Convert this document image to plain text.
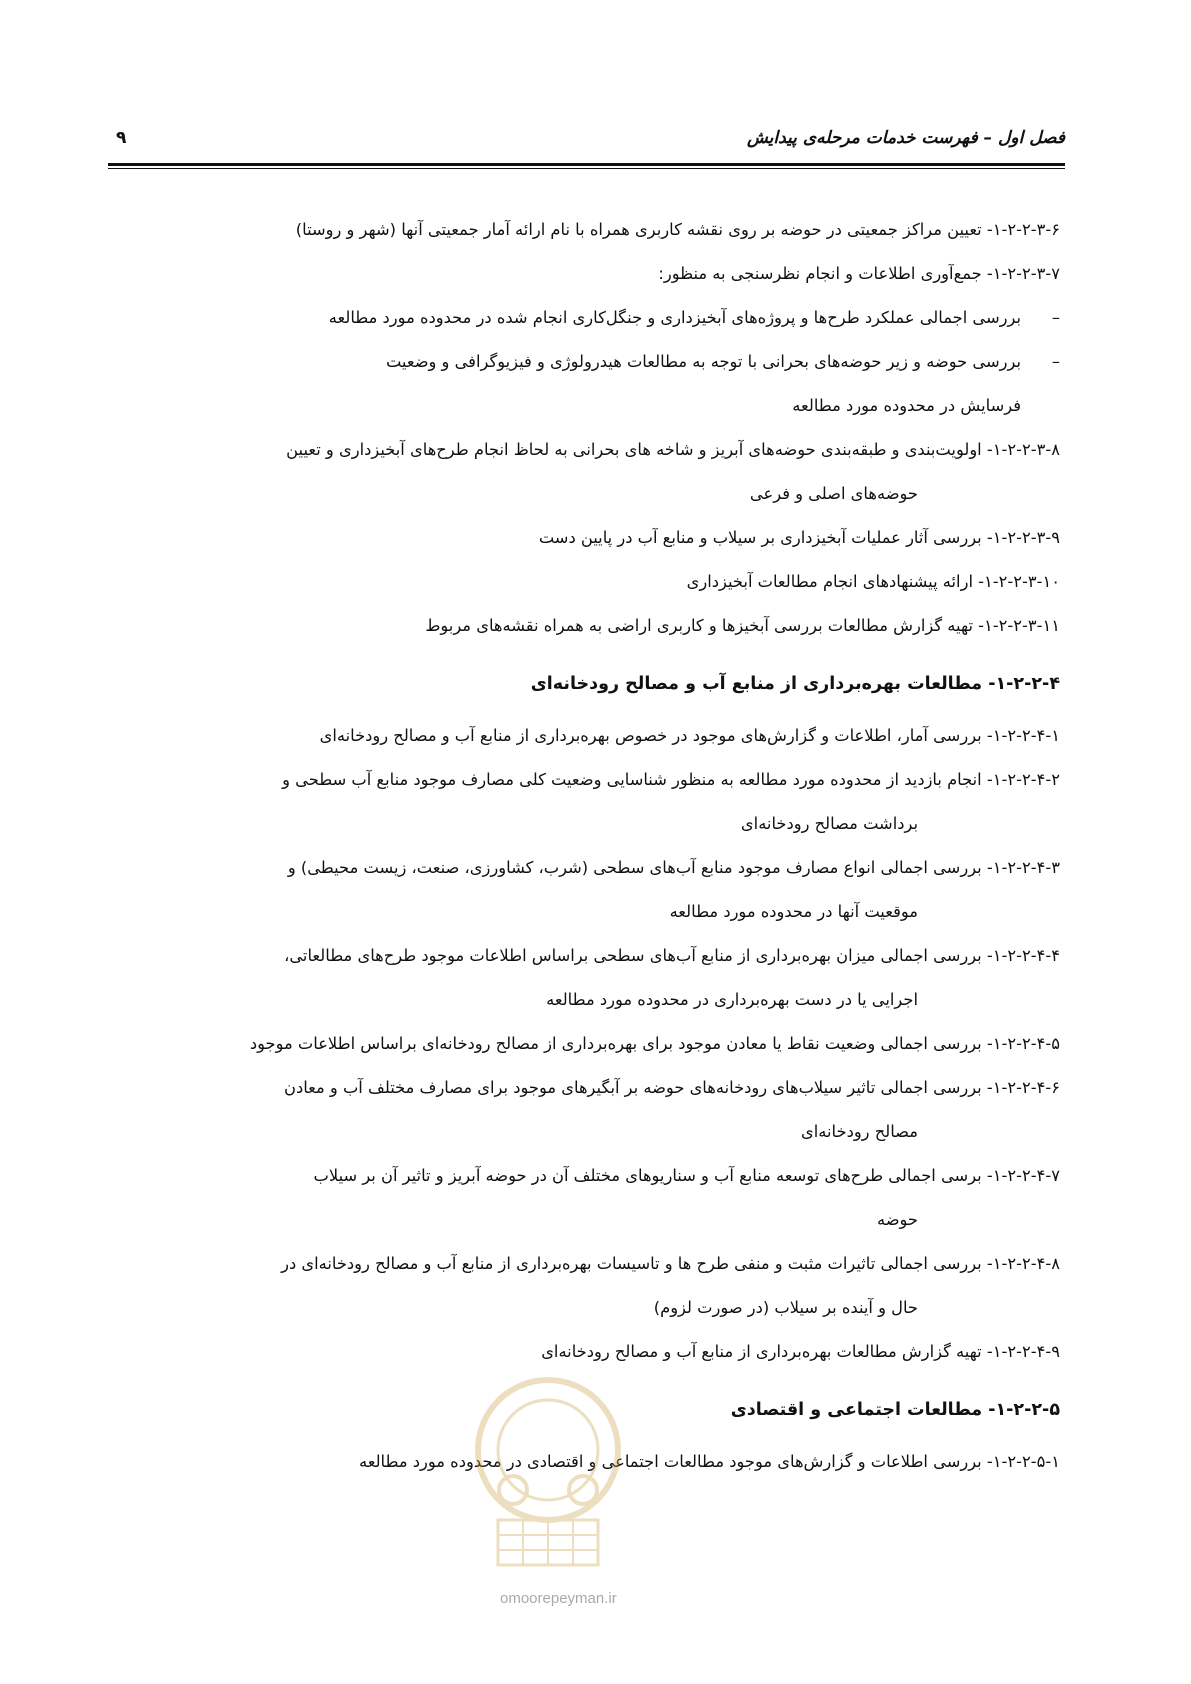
فصل اول – فهرست خدمات مرحله‌ی پیدایش
۹
۱-۲-۲-۳-۶- تعیین مراکز جمعیتی در حوضه بر روی نقشه کاربری همراه با نام ارائه آمار جمعیتی آنها (شهر و روستا)
۱-۲-۲-۳-۷- جمع‌آوری اطلاعات و انجام نظرسنجی به منظور:
–
بررسی اجمالی عملکرد طرح‌ها و پروژه‌های آبخیزداری و جنگل‌کاری انجام شده در محدوده مورد مطالعه
–
بررسی حوضه و زیر حوضه‌های بحرانی با توجه به مطالعات هیدرولوژی و فیزیوگرافی و وضعیت
فرسایش در محدوده مورد مطالعه
۱-۲-۲-۳-۸- اولویت‌بندی و طبقه‌بندی حوضه‌های آبریز و شاخه های بحرانی به لحاظ انجام طرح‌های آبخیزداری و تعیین
حوضه‌های اصلی و فرعی
۱-۲-۲-۳-۹- بررسی آثار عملیات آبخیزداری بر سیلاب و منابع آب در پایین دست
۱-۲-۲-۳-۱۰- ارائه پیشنهادهای انجام مطالعات آبخیزداری
۱-۲-۲-۳-۱۱- تهیه گزارش مطالعات بررسی آبخیزها و کاربری اراضی به همراه نقشه‌های مربوط
۱-۲-۲-۴- مطالعات بهره‌برداری از منابع آب و مصالح رودخانه‌ای
۱-۲-۲-۴-۱- بررسی آمار، اطلاعات و گزارش‌های موجود در خصوص بهره‌برداری از منابع آب و مصالح رودخانه‌ای
۱-۲-۲-۴-۲- انجام بازدید از محدوده مورد مطالعه به منظور شناسایی وضعیت کلی مصارف موجود منابع آب سطحی و
برداشت مصالح رودخانه‌ای
۱-۲-۲-۴-۳- بررسی اجمالی انواع مصارف موجود منابع آب‌های سطحی (شرب، کشاورزی، صنعت، زیست محیطی) و
موقعیت آنها در محدوده مورد مطالعه
۱-۲-۲-۴-۴- بررسی اجمالی میزان بهره‌برداری از منابع آب‌های سطحی براساس اطلاعات موجود طرح‌های مطالعاتی،
اجرایی یا در دست بهره‌برداری در محدوده مورد مطالعه
۱-۲-۲-۴-۵- بررسی اجمالی وضعیت نقاط یا معادن موجود برای بهره‌برداری از مصالح رودخانه‌ای براساس اطلاعات موجود
۱-۲-۲-۴-۶- بررسی اجمالی تاثیر سیلاب‌های رودخانه‌های حوضه بر آبگیرهای موجود برای مصارف مختلف آب و معادن
مصالح رودخانه‌ای
۱-۲-۲-۴-۷- برسی اجمالی طرح‌های توسعه منابع آب و سناریوهای مختلف آن در حوضه آبریز و تاثیر آن بر سیلاب
حوضه
۱-۲-۲-۴-۸- بررسی اجمالی تاثیرات مثبت و منفی طرح ها و تاسیسات بهره‌برداری از منابع آب و مصالح رودخانه‌ای در
حال و آینده بر سیلاب (در صورت لزوم)
۱-۲-۲-۴-۹- تهیه گزارش مطالعات بهره‌برداری از منابع آب و مصالح رودخانه‌ای
۱-۲-۲-۵- مطالعات اجتماعی و اقتصادی
۱-۲-۲-۵-۱- بررسی اطلاعات و گزارش‌های موجود مطالعات اجتماعی و اقتصادی در محدوده مورد مطالعه
omoorepeyman.ir
